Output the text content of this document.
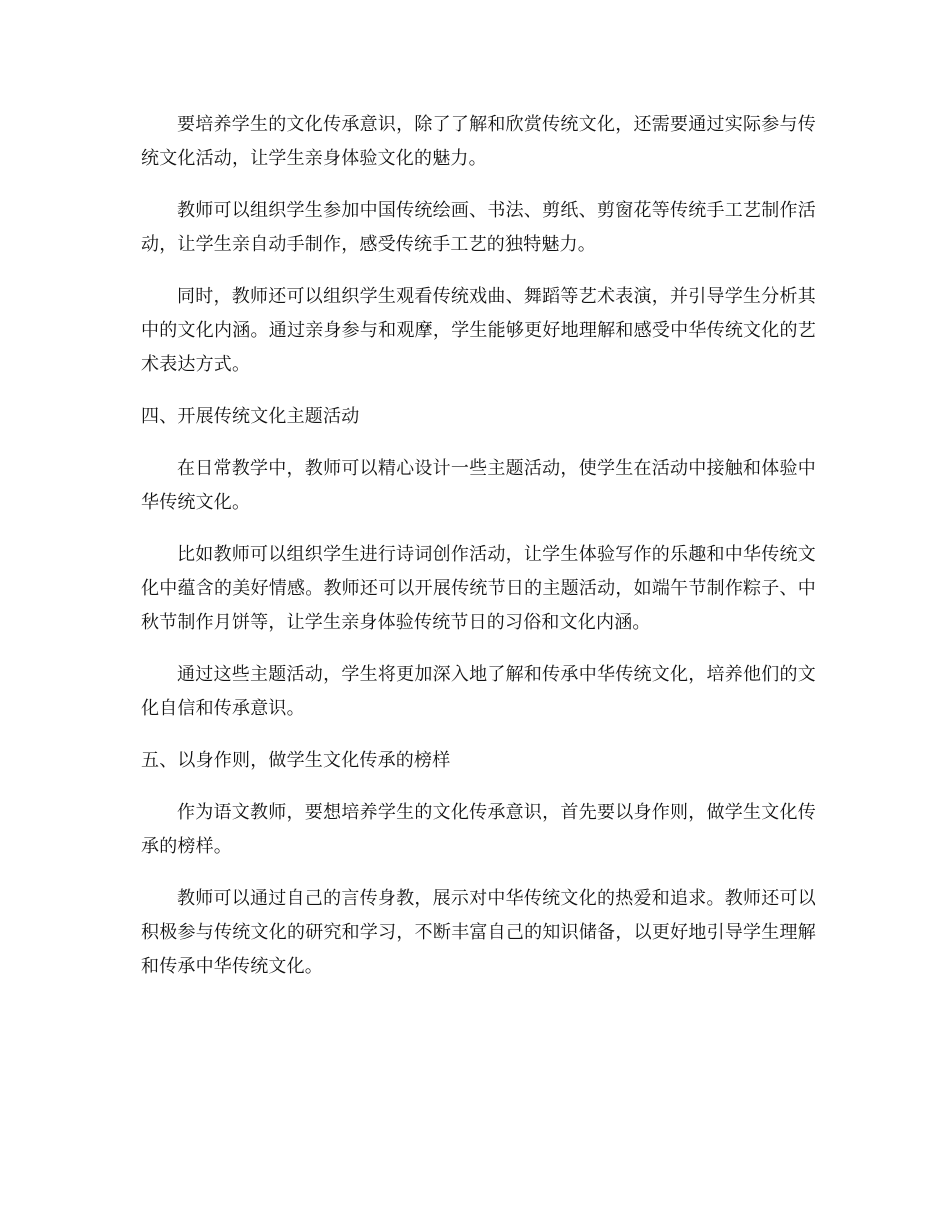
要培养学生的文化传承意识，除了了解和欣赏传统文化，还需要通过实际参与传统文化活动，让学生亲身体验文化的魅力。

教师可以组织学生参加中国传统绘画、书法、剪纸、剪窗花等传统手工艺制作活动，让学生亲自动手制作，感受传统手工艺的独特魅力。

同时，教师还可以组织学生观看传统戏曲、舞蹈等艺术表演，并引导学生分析其中的文化内涵。通过亲身参与和观摩，学生能够更好地理解和感受中华传统文化的艺术表达方式。

四、开展传统文化主题活动

在日常教学中，教师可以精心设计一些主题活动，使学生在活动中接触和体验中华传统文化。

比如教师可以组织学生进行诗词创作活动，让学生体验写作的乐趣和中华传统文化中蕴含的美好情感。教师还可以开展传统节日的主题活动，如端午节制作粽子、中秋节制作月饼等，让学生亲身体验传统节日的习俗和文化内涵。

通过这些主题活动，学生将更加深入地了解和传承中华传统文化，培养他们的文化自信和传承意识。

五、以身作则，做学生文化传承的榜样

作为语文教师，要想培养学生的文化传承意识，首先要以身作则，做学生文化传承的榜样。

教师可以通过自己的言传身教，展示对中华传统文化的热爱和追求。教师还可以积极参与传统文化的研究和学习，不断丰富自己的知识储备，以更好地引导学生理解和传承中华传统文化。
